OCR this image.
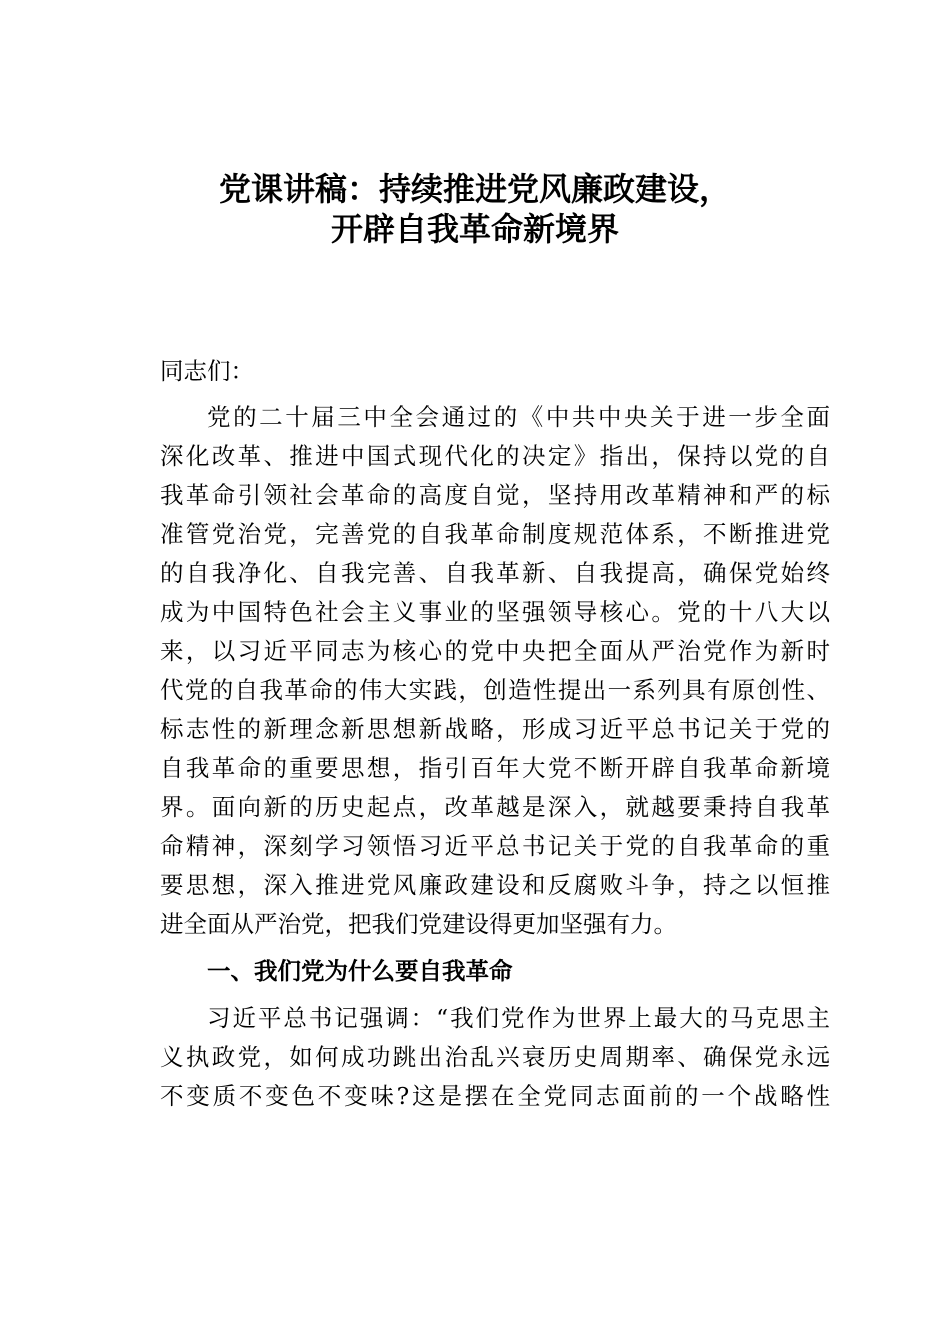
党课讲稿：持续推进党风廉政建设，
开辟自我革命新境界
同志们：
党的二十届三中全会通过的《中共中央关于进一步全面
深化改革、推进中国式现代化的决定》指出，保持以党的自
我革命引领社会革命的高度自觉，坚持用改革精神和严的标
准管党治党，完善党的自我革命制度规范体系，不断推进党
的自我净化、自我完善、自我革新、自我提高，确保党始终
成为中国特色社会主义事业的坚强领导核心。党的十八大以
来，以习近平同志为核心的党中央把全面从严治党作为新时
代党的自我革命的伟大实践，创造性提出一系列具有原创性、
标志性的新理念新思想新战略，形成习近平总书记关于党的
自我革命的重要思想，指引百年大党不断开辟自我革命新境
界。面向新的历史起点，改革越是深入，就越要秉持自我革
命精神，深刻学习领悟习近平总书记关于党的自我革命的重
要思想，深入推进党风廉政建设和反腐败斗争，持之以恒推
进全面从严治党，把我们党建设得更加坚强有力。
一、我们党为什么要自我革命
习近平总书记强调：“我们党作为世界上最大的马克思主
义执政党，如何成功跳出治乱兴衰历史周期率、确保党永远
不变质不变色不变味?这是摆在全党同志面前的一个战略性
